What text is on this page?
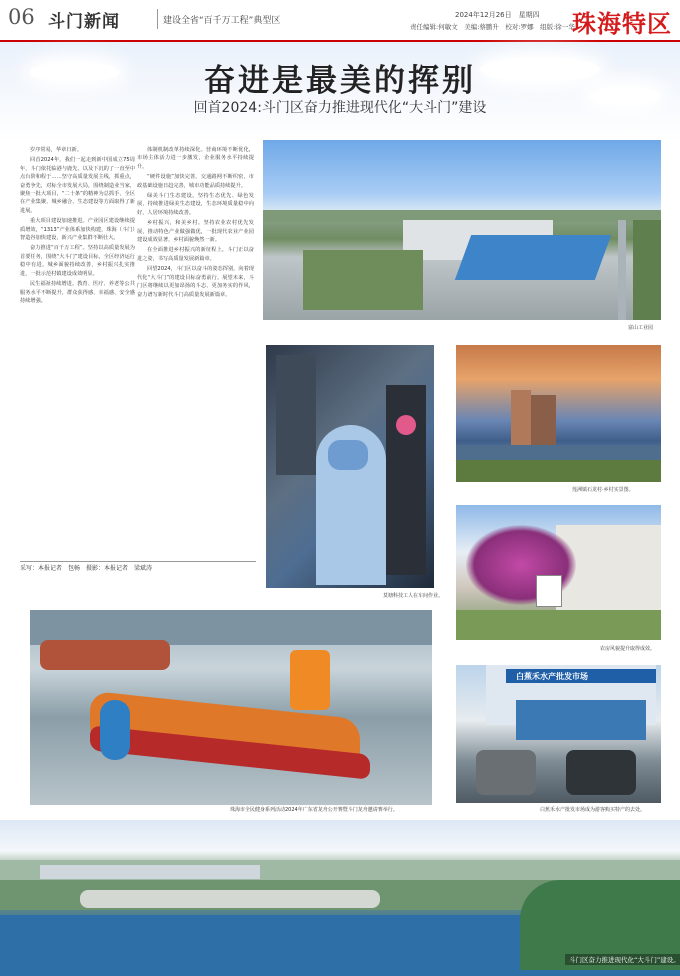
06 斗门新闻	建设全省“百千万工程”典型区
2024年12月26日　星期四
责任编辑:何敏文　美编:蔡鹏升　校对:罗娜　组版:徐一华
珠海特区
奋进是最美的挥别
回首2024:斗门区奋力推进现代化“大斗门”建设

岁序常易，华章日新。

回首2024年，我们一起走到新中国成立75周年，斗门依托临港与鹿先、以及下沉的了一直至中点台阶和程于……坚守高质量发展主线，抓重点，奋勇争先，对标全市发展大局，围绕制造业当家，聚焦一批大项目，“二十条”的精神为总抓手，全区在产业集聚、城乡融合、生态建设等方面取得了新进展。

重大项目建设加速推进。产业园区建设继续提质增效，“1313”产业体系加快构建，珠海（斗门）智造谷加快建设，新兴产业集群不断壮大。

奋力推进“百千万工程”。坚持以高质量发展为首要任务，围绕“大斗门”建设目标，全区经济运行稳中有进。城乡面貌持续改善，乡村振兴扎实推进，一批示范村镇建设成效明显。

民生福祉持续增进。教育、医疗、养老等公共服务水平不断提升，群众获得感、幸福感、安全感持续增强。

体制机制改革持续深化。营商环境不断优化，市场主体活力进一步激发，企业服务水平持续提升。

“硬件设施”加快完善。交通路网不断织密，市政基础设施日趋完善，城市功能品质持续提升。

绿美斗门生态建设。坚持生态优先、绿色发展，持续推进绿美生态建设，生态环境质量稳中向好，人居环境持续改善。

乡村振兴，和美乡村。坚持农业农村优先发展，推动特色产业做强做优，一批现代农业产业园建设成效显著，乡村面貌焕然一新。

在全面推进乡村振兴的新征程上，斗门正以奋进之姿，书写高质量发展新篇章。

回望2024，斗门区以奋斗的姿态挥别，向着现代化“大斗门”的建设目标奋勇前行。展望未来，斗门区将继续以更加昂扬的斗志、更加务实的作风，奋力谱写新时代斗门高质量发展新篇章。

采写：本报记者　包畅　摄影：本报记者　梁斌涛
富山工业园
莫塘科技工人在车间作业。
莲洲镇石龙村·乡村实景图。
农房风貌提升取得成效。
珠海市全民健身系列活动2024年广东省龙舟公开赛暨斗门龙舟邀请赛举行。
白蕉禾水产批发市场
白蕉禾水产批发市场成为游客购买特产的去处。
斗门区奋力推进现代化“大斗门”建设。
